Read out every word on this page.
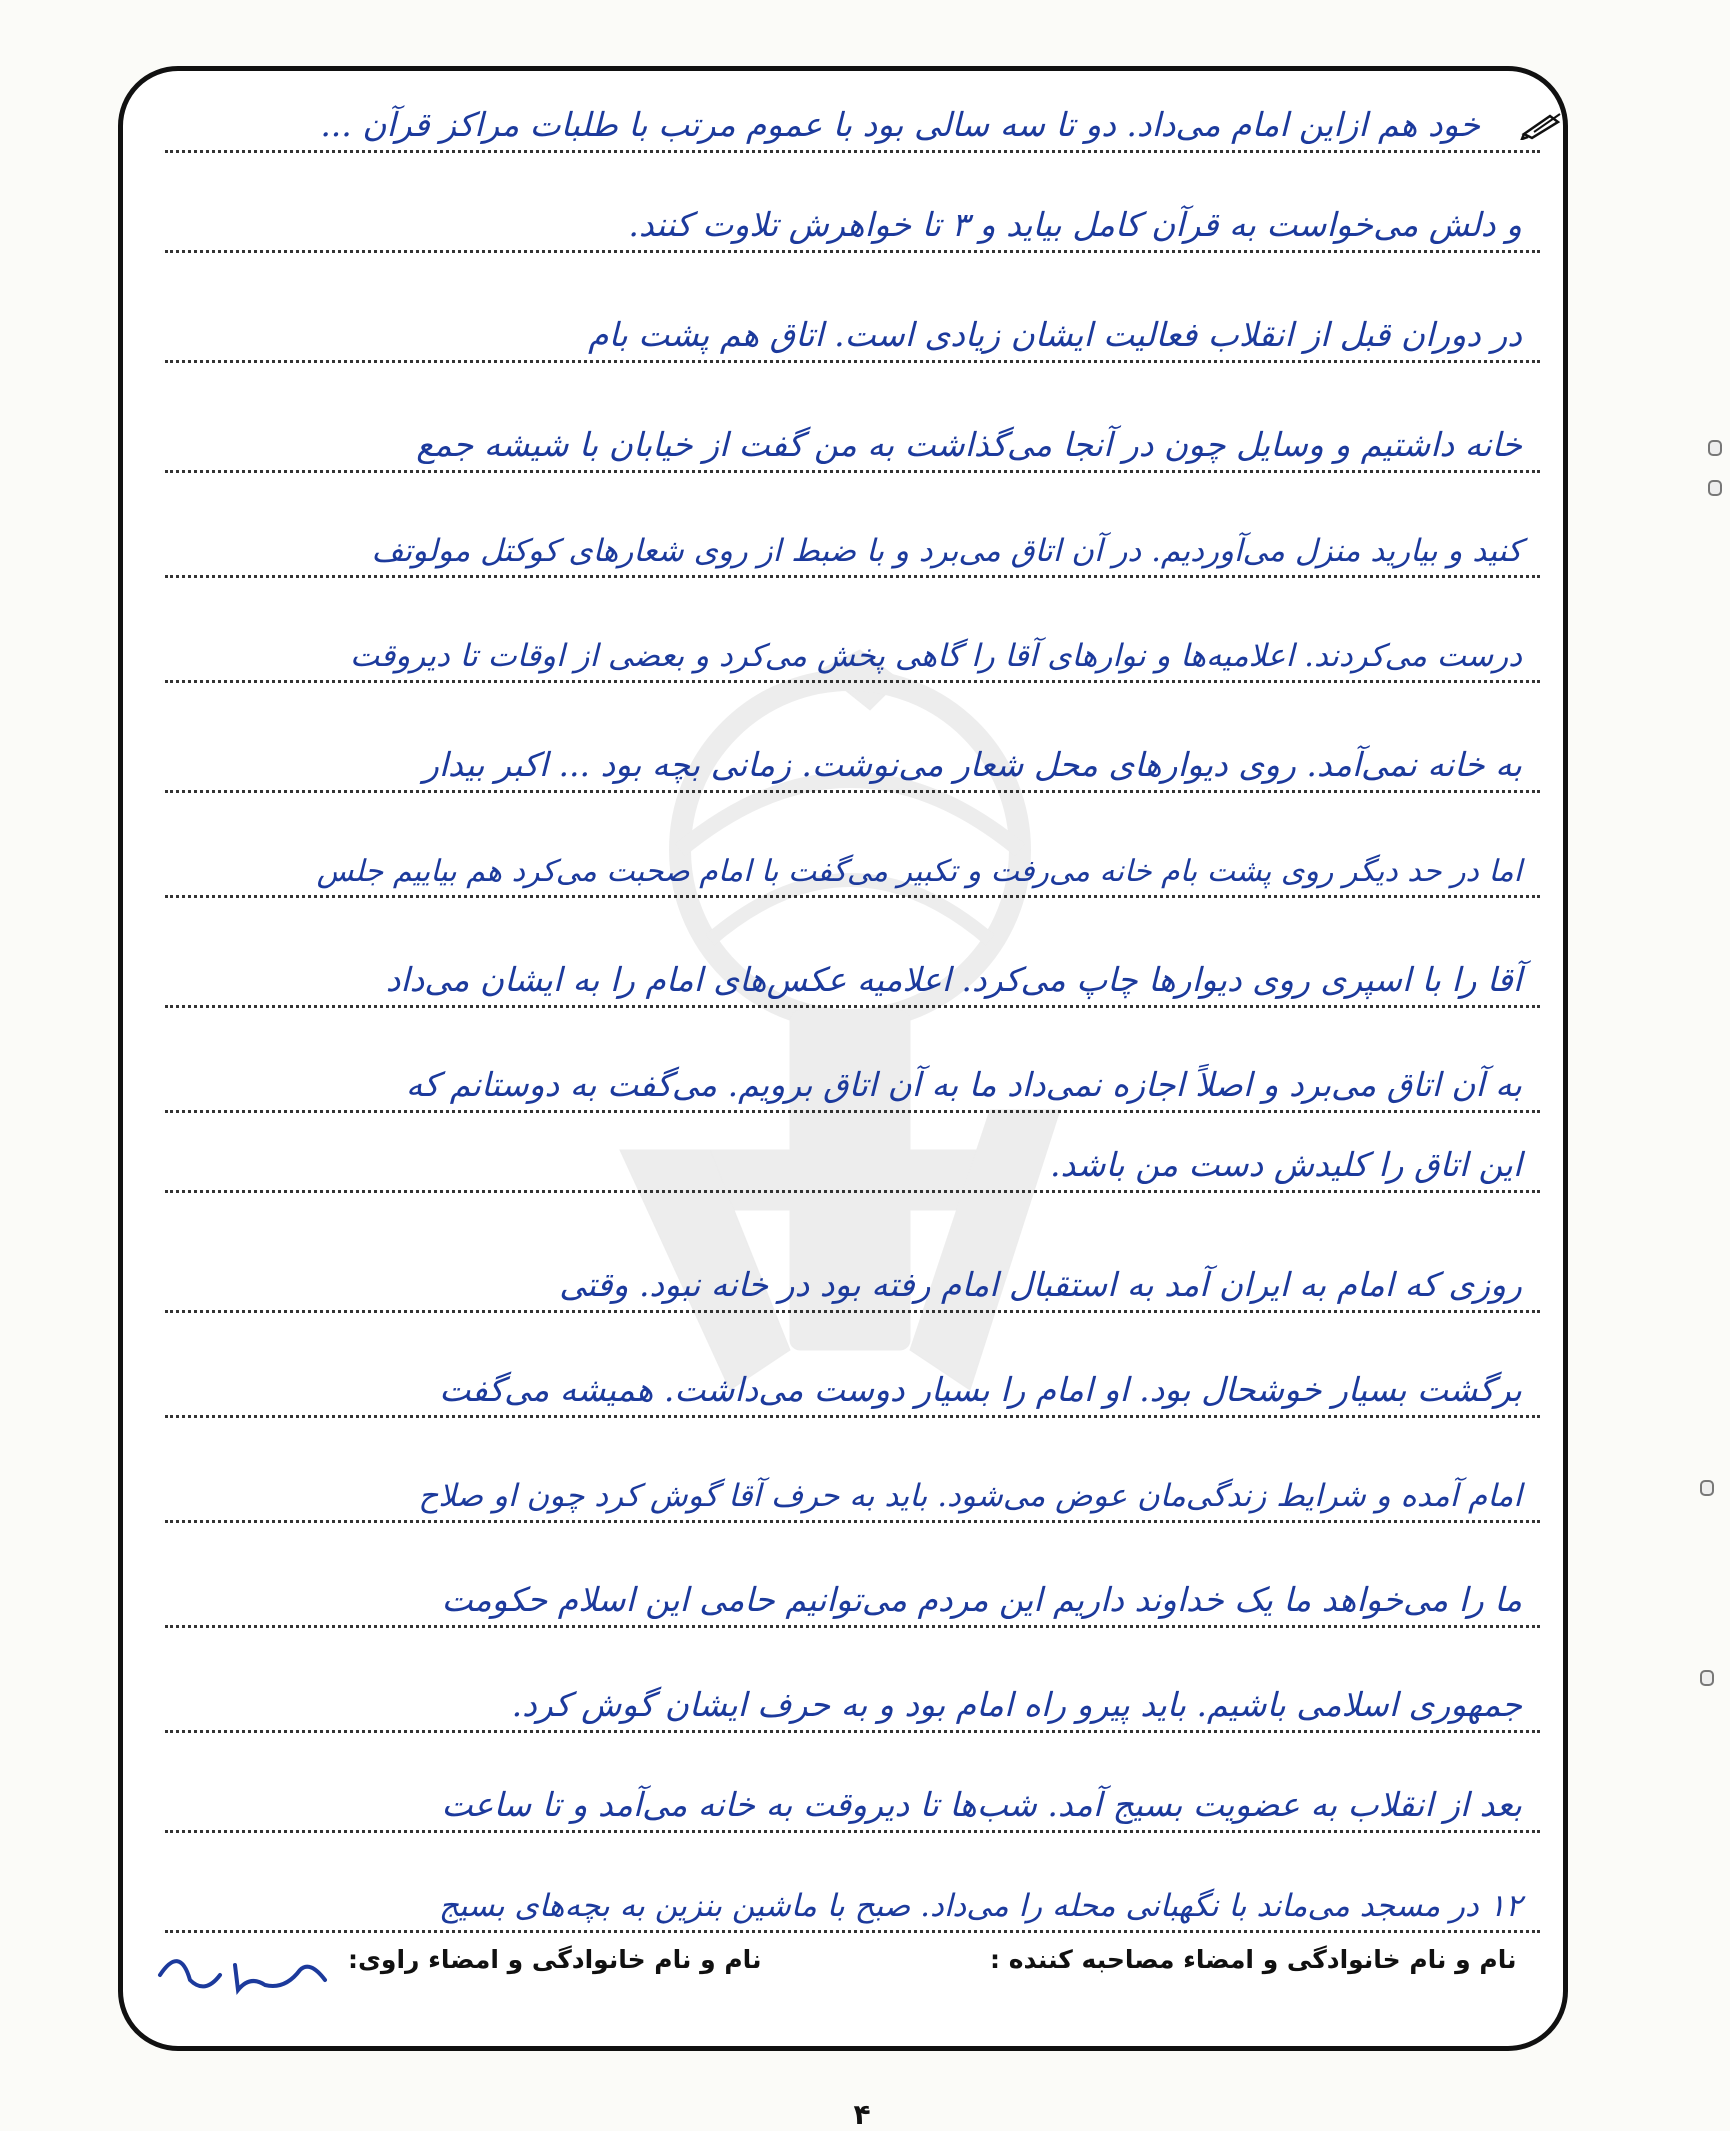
خود هم ازاین امام می‌داد. دو تا سه سالی بود با عموم مرتب با طلبات مراکز قرآن ...
و دلش می‌خواست به قرآن کامل بیاید و ۳ تا خواهرش تلاوت کنند.
در دوران قبل از انقلاب فعالیت ایشان زیادی است. اتاق هم پشت بام
خانه داشتیم و وسایل چون در آنجا می‌گذاشت به من گفت از خیابان با شیشه جمع
کنید و بیارید منزل می‌آوردیم. در آن اتاق می‌برد و با ضبط از روی شعارهای کوکتل مولوتف
درست می‌کردند. اعلامیه‌ها و نوارهای آقا را گاهی پخش می‌کرد و بعضی از اوقات تا دیروقت
به خانه نمی‌آمد. روی دیوارهای محل شعار می‌نوشت. زمانی بچه بود ... اکبر بیدار
اما در حد دیگر روی پشت بام خانه می‌رفت و تکبیر می‌گفت با امام صحبت می‌کرد هم بیاییم جلس
آقا را با اسپری روی دیوارها چاپ می‌کرد. اعلامیه عکس‌های امام را به ایشان می‌داد
به آن اتاق می‌برد و اصلاً اجازه نمی‌داد ما به آن اتاق برویم. می‌گفت به دوستانم که
این اتاق را کلیدش دست من باشد.
روزی که امام به ایران آمد به استقبال امام رفته بود در خانه نبود. وقتی
برگشت بسیار خوشحال بود. او امام را بسیار دوست می‌داشت. همیشه می‌گفت
امام آمده و شرایط زندگی‌مان عوض می‌شود. باید به حرف آقا گوش کرد چون او صلاح
ما را می‌خواهد ما یک خداوند داریم این مردم می‌توانیم حامی این اسلام حکومت
جمهوری اسلامی باشیم. باید پیرو راه امام بود و به حرف ایشان گوش کرد.
بعد از انقلاب به عضویت بسیج آمد. شب‌ها تا دیروقت به خانه می‌آمد و تا ساعت
۱۲ در مسجد می‌ماند با نگهبانی محله را می‌داد. صبح با ماشین بنزین به بچه‌های بسیج
نام و نام خانوادگی و امضاء مصاحبه کننده :
نام و نام خانوادگی و امضاء راوی:
۴
